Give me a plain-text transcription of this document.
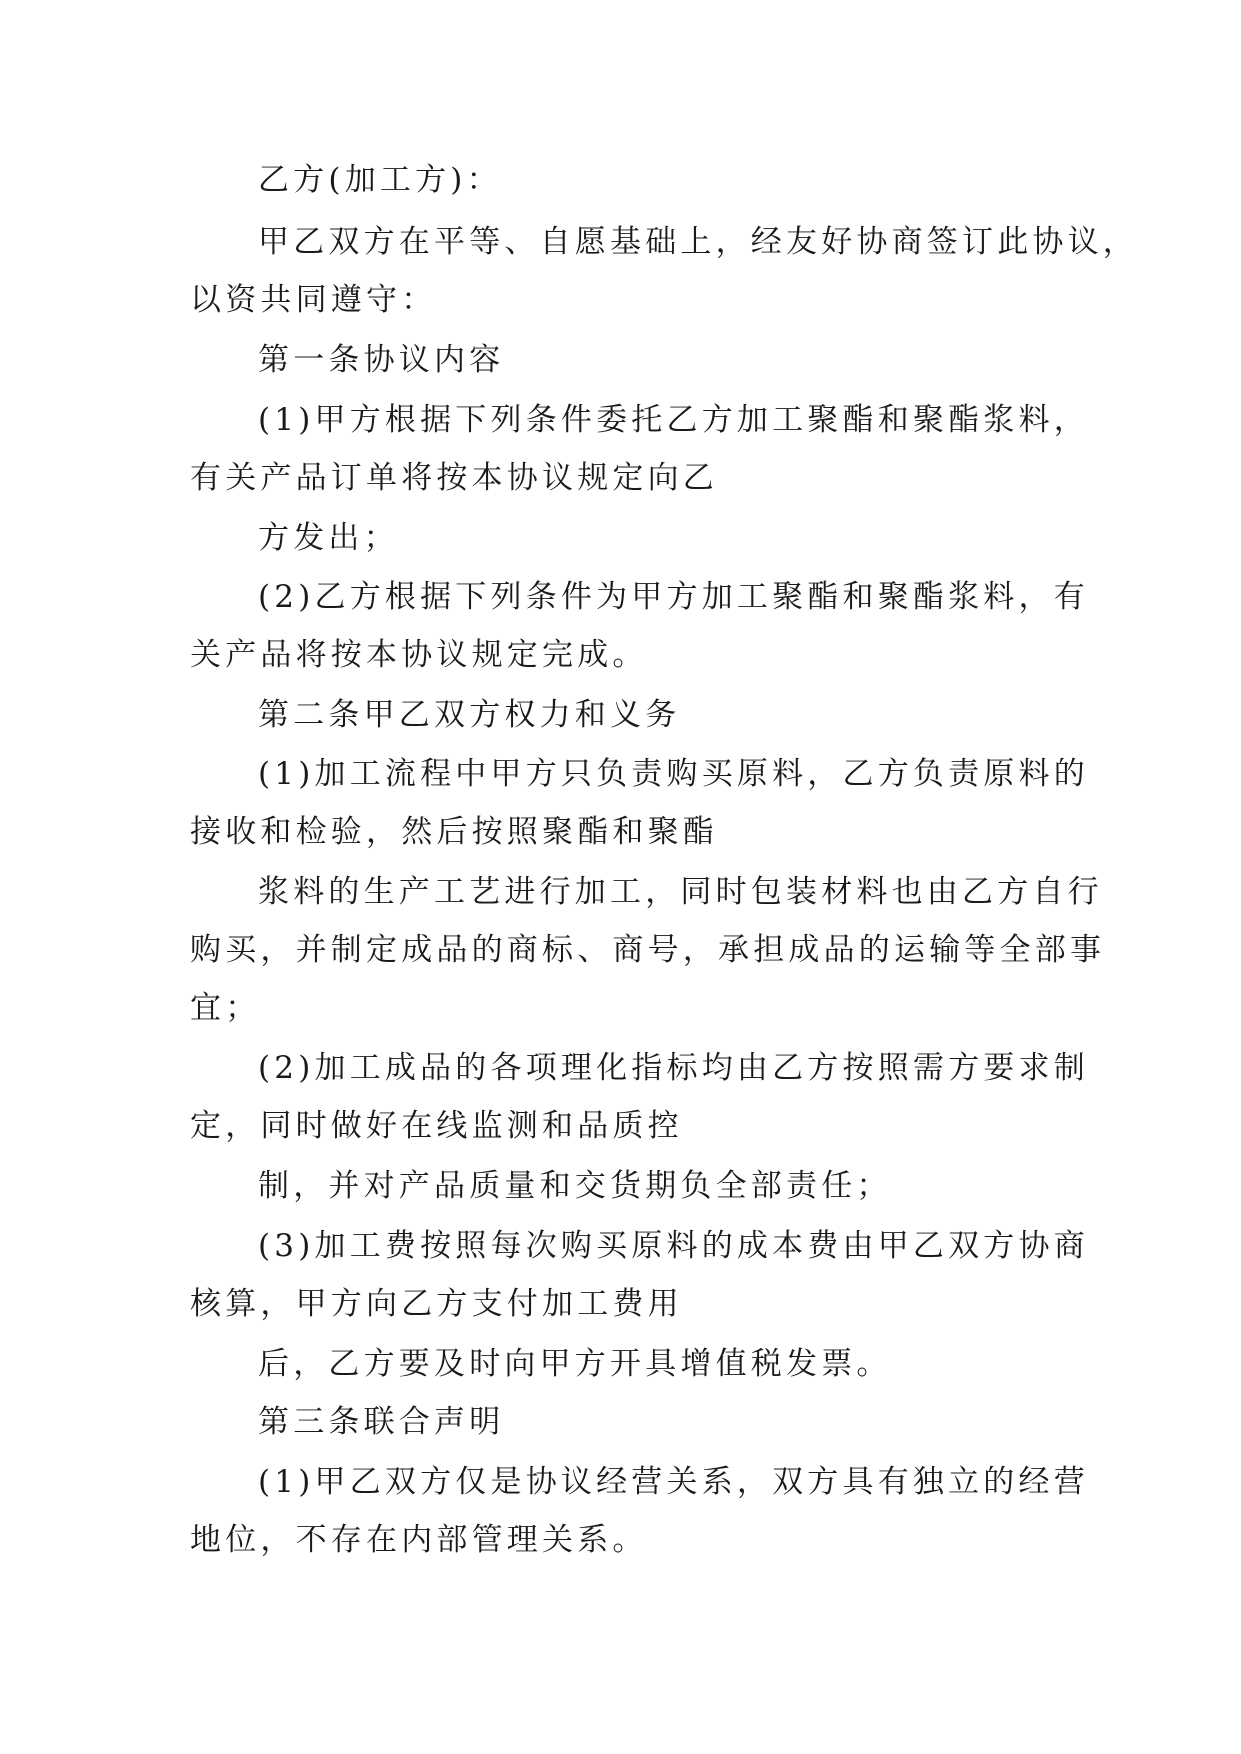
乙方(加工方)：
甲乙双方在平等、自愿基础上，经友好协商签订此协议，
以资共同遵守：
第一条协议内容
(1)甲方根据下列条件委托乙方加工聚酯和聚酯浆料，
有关产品订单将按本协议规定向乙
方发出；
(2)乙方根据下列条件为甲方加工聚酯和聚酯浆料，有
关产品将按本协议规定完成。
第二条甲乙双方权力和义务
(1)加工流程中甲方只负责购买原料，乙方负责原料的
接收和检验，然后按照聚酯和聚酯
浆料的生产工艺进行加工，同时包装材料也由乙方自行
购买，并制定成品的商标、商号，承担成品的运输等全部事
宜；
(2)加工成品的各项理化指标均由乙方按照需方要求制
定，同时做好在线监测和品质控
制，并对产品质量和交货期负全部责任；
(3)加工费按照每次购买原料的成本费由甲乙双方协商
核算，甲方向乙方支付加工费用
后，乙方要及时向甲方开具增值税发票。
第三条联合声明
(1)甲乙双方仅是协议经营关系，双方具有独立的经营
地位，不存在内部管理关系。
